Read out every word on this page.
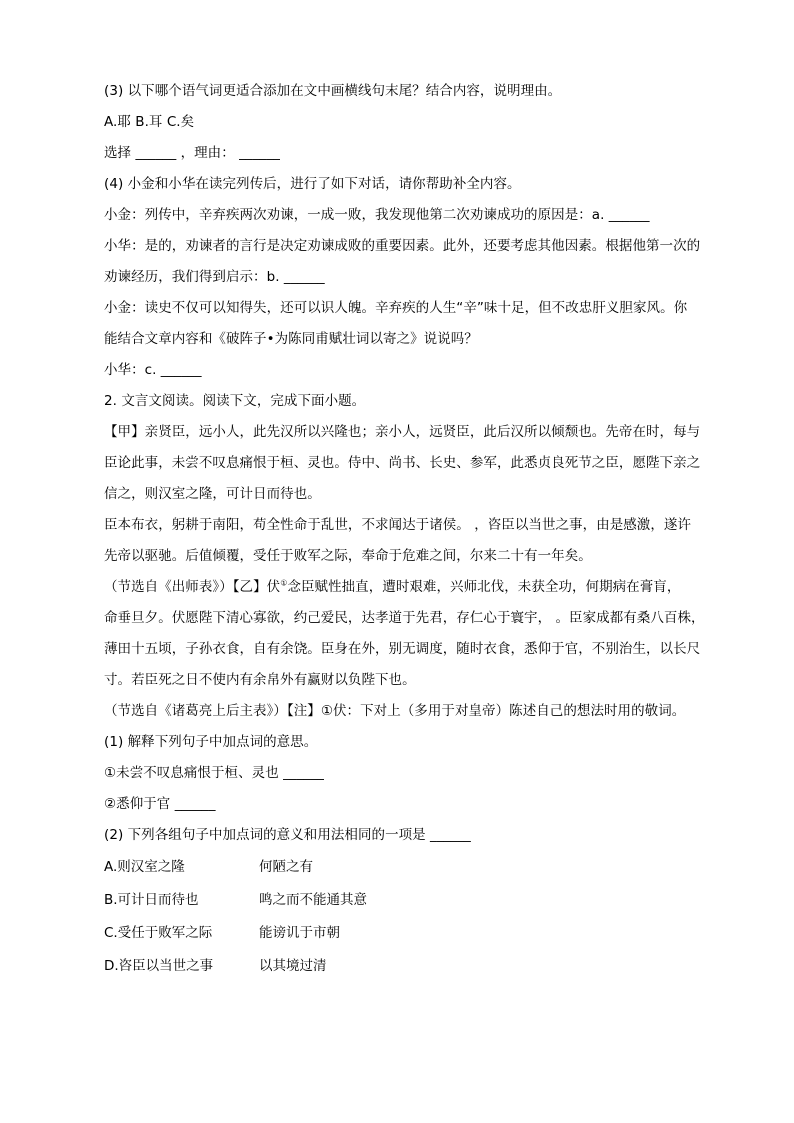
(3) 以下哪个语气词更适合添加在文中画横线句末尾？结合内容，说明理由。
A.耶 B.耳 C.矣
选择 ______ ，理由： ______
(4) 小金和小华在读完列传后，进行了如下对话，请你帮助补全内容。
小金：列传中，辛弃疾两次劝谏，一成一败，我发现他第二次劝谏成功的原因是：a. ______
小华：是的，劝谏者的言行是决定劝谏成败的重要因素。此外，还要考虑其他因素。根据他第一次的
劝谏经历，我们得到启示：b. ______
小金：读史不仅可以知得失，还可以识人魄。辛弃疾的人生“辛”味十足，但不改忠肝义胆家风。你
能结合文章内容和《破阵子•为陈同甫赋壮词以寄之》说说吗？
小华：c. ______
2. 文言文阅读。阅读下文，完成下面小题。
【甲】亲贤臣，远小人，此先汉所以兴隆也；亲小人，远贤臣，此后汉所以倾颓也。先帝在时，每与
臣论此事，未尝不叹息痛恨于桓、灵也。侍中、尚书、长史、参军，此悉贞良死节之臣，愿陛下亲之
信之，则汉室之隆，可计日而待也。
臣本布衣，躬耕于南阳，苟全性命于乱世，不求闻达于诸侯。 ，咨臣以当世之事，由是感激，遂许
先帝以驱驰。后值倾覆，受任于败军之际，奉命于危难之间，尔来二十有一年矣。
（节选自《出师表》）【乙】伏①念臣赋性拙直，遭时艰难，兴师北伐，未获全功，何期病在膏肓，
命垂旦夕。伏愿陛下清心寡欲，约己爱民，达孝道于先君，存仁心于寰宇， 。臣家成都有桑八百株，
薄田十五顷，子孙衣食，自有余饶。臣身在外，别无调度，随时衣食，悉仰于官，不别治生，以长尺
寸。若臣死之日不使内有余帛外有赢财以负陛下也。
（节选自《诸葛亮上后主表》）【注】①伏：下对上（多用于对皇帝）陈述自己的想法时用的敬词。
(1) 解释下列句子中加点词的意思。
①未尝不叹息痛恨于桓、灵也 ______
②悉仰于官 ______
(2) 下列各组句子中加点词的意义和用法相同的一项是 ______
A.则汉室之隆	何陋之有
B.可计日而待也	鸣之而不能通其意
C.受任于败军之际	能谤讥于市朝
D.咨臣以当世之事	以其境过清
